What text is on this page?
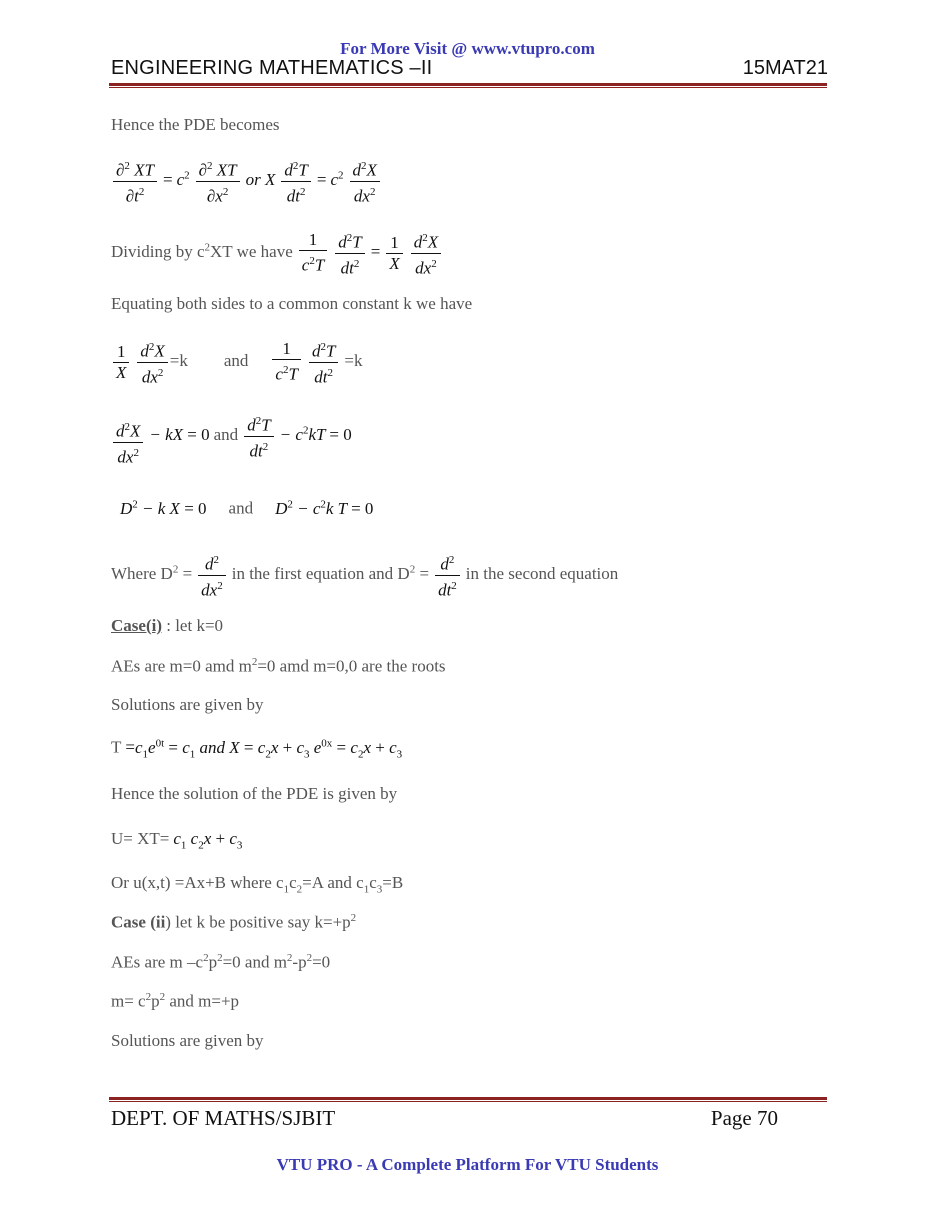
For More Visit @ www.vtupro.com
ENGINEERING MATHEMATICS –II	15MAT21
Hence the PDE becomes
$\frac{\partial^2 XT}{\partial t^2} = c^2 \frac{\partial^2 XT}{\partial x^2}$ or X $\frac{d^2T}{dt^2} = c^2 \frac{d^2X}{dx^2}$
Dividing by $c^2XT$ we have $\frac{1}{c^2T}$
$\frac{d^2T}{dt^2} = \frac{1}{X}$
$\frac{d^2X}{dx^2}$
Equating both sides to a common constant k we have
$\frac{1}{X}$
$\frac{d^2X}{dx^2} =k$ and $\frac{1}{c^2T}$
$\frac{d^2T}{dt^2} =k$
$\frac{d^2X}{dx^2}$ − kX = 0 and $\frac{d^2T}{dt^2} - c^2kT = 0$
$D^2 - k$ X = 0 and $D^2 - c^2k$ T = 0
Where $D^2 = \frac{d^2}{dx^2}$ in the first equation and $D^2 = \frac{d^2}{dt^2}$ in the second equation
Case(i) : let k=0
AEs are m=0 amd $m^2=0$ amd m=0,0 are the roots
Solutions are given by
$T =c_1e^{0t} = c_1$ and $X = c_2x + c_3$ $e^{0x} = c_2x + c_3$
Hence the solution of the PDE is given by
$U= XT= c_1$ $c_2x + c_3$
Or u(x,t) =Ax+B where $c_1c_2=A$ and $c_1c_3=B$
Case (ii) let k be positive say $k=+p^2$
AEs are m $-c^2p^2=0$ and $m^2-p^2=0$
$m= c^2p^2$ and m=+p
Solutions are given by
DEPT. OF MATHS/SJBIT	Page 70
VTU PRO - A Complete Platform For VTU Students
